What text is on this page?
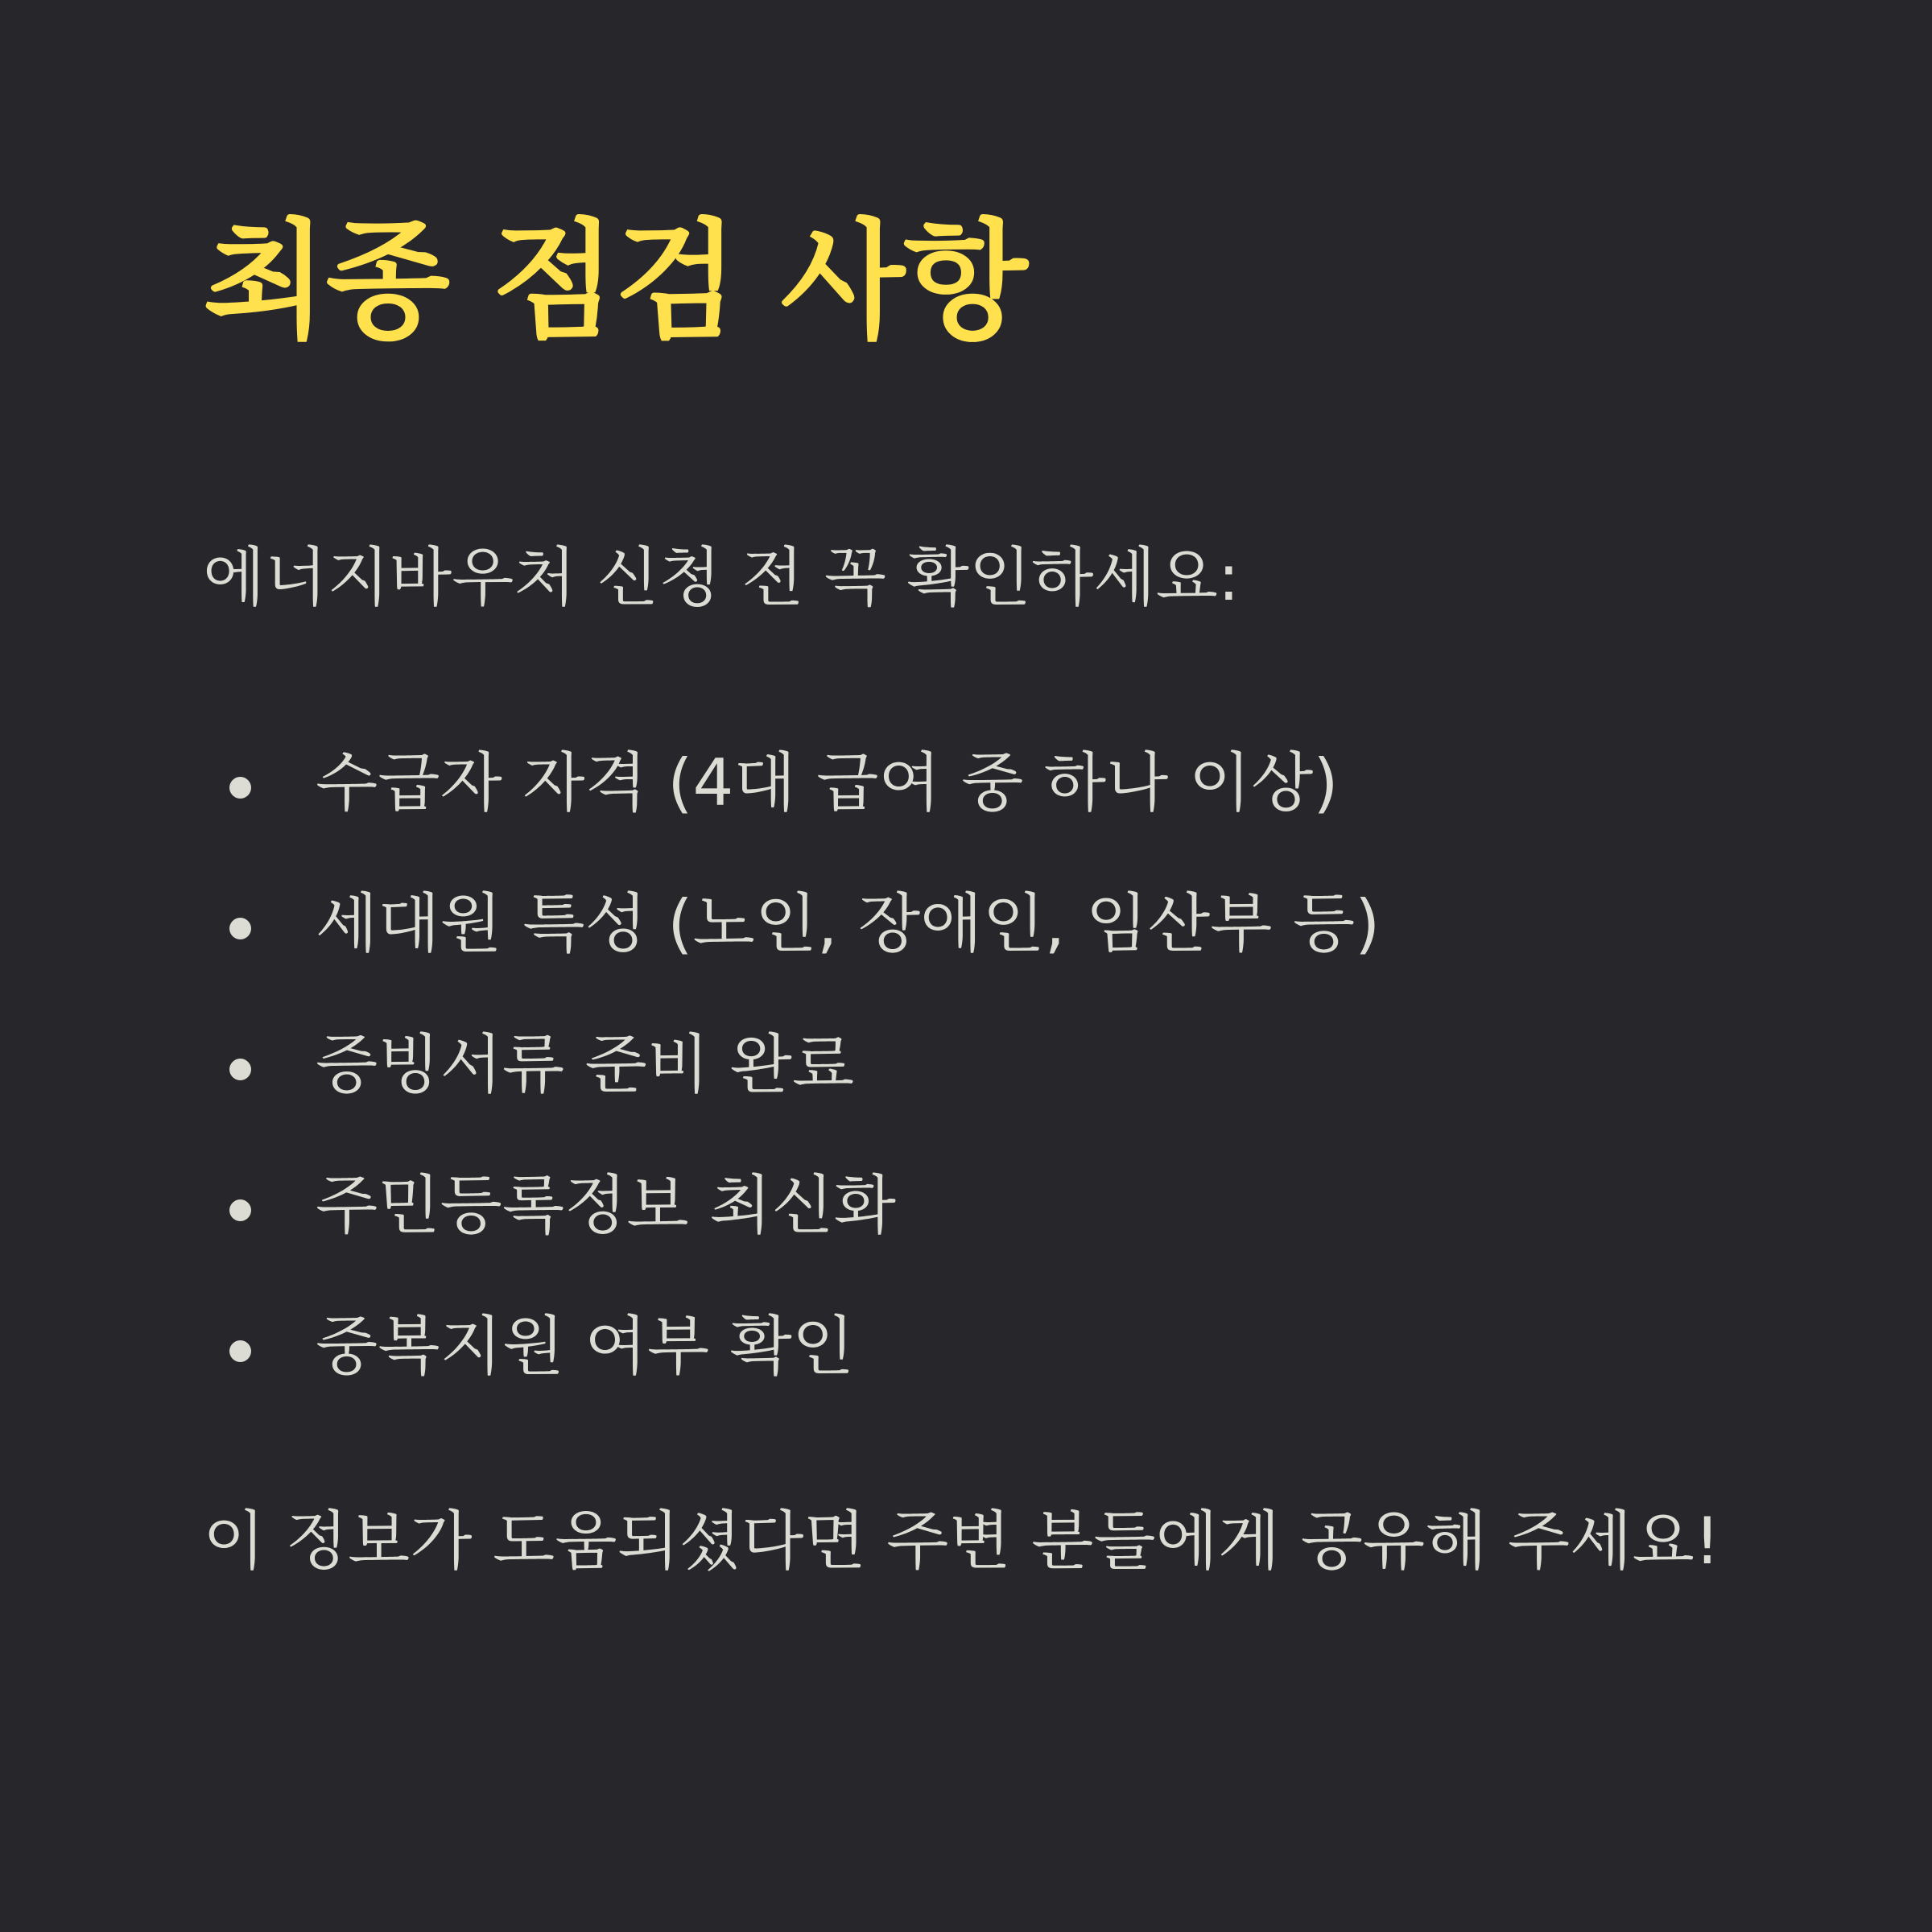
최종 점검 사항

에너지바우처 신청 전 꼭 확인하세요:

수급자 자격 (4대 급여 중 하나 이상)
세대원 특성 (노인, 장애인, 임산부 등)
증빙서류 준비 완료
주민등록정보 최신화
중복지원 여부 확인

이 정보가 도움되셨다면 주변 분들에게 공유해 주세요!
